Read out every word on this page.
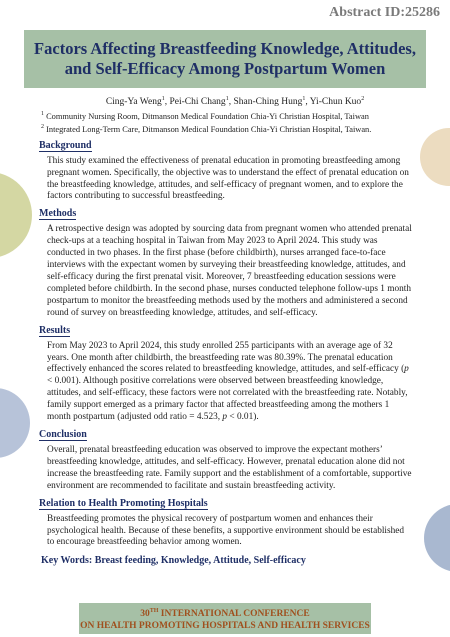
Abstract ID:25286
Factors Affecting Breastfeeding Knowledge, Attitudes, and Self-Efficacy Among Postpartum Women
Cing-Ya Weng$^1$, Pei-Chi Chang$^1$, Shan-Ching Hung$^1$, Yi-Chun Kuo$^2$
$^1$ Community Nursing Room, Ditmanson Medical Foundation Chia-Yi Christian Hospital, Taiwan
$^2$ Integrated Long-Term Care, Ditmanson Medical Foundation Chia-Yi Christian Hospital, Taiwan.
Background

This study examined the effectiveness of prenatal education in promoting breastfeeding among pregnant women. Specifically, the objective was to understand the effect of prenatal education on the breastfeeding knowledge, attitudes, and self-efficacy of pregnant women, and to explore the factors contributing to successful breastfeeding.

Methods

A retrospective design was adopted by sourcing data from pregnant women who attended prenatal check-ups at a teaching hospital in Taiwan from May 2023 to April 2024. This study was conducted in two phases. In the first phase (before childbirth), nurses arranged face-to-face interviews with the expectant women by surveying their breastfeeding knowledge, attitudes, and self-efficacy during the first prenatal visit. Moreover, 7 breastfeeding education sessions were completed before childbirth. In the second phase, nurses conducted telephone follow-ups 1 month postpartum to monitor the breastfeeding methods used by the mothers and administered a second round of survey on breastfeeding knowledge, attitudes, and self-efficacy.

Results

From May 2023 to April 2024, this study enrolled 255 participants with an average age of 32 years. One month after childbirth, the breastfeeding rate was 80.39%. The prenatal education effectively enhanced the scores related to breastfeeding knowledge, attitudes, and self-efficacy (p < 0.001). Although positive correlations were observed between breastfeeding knowledge, attitudes, and self-efficacy, these factors were not correlated with the breastfeeding rate. Notably, family support emerged as a primary factor that affected breastfeeding among the mothers 1 month postpartum (adjusted odd ratio = 4.523, p < 0.01).

Conclusion

Overall, prenatal breastfeeding education was observed to improve the expectant mothers’ breastfeeding knowledge, attitudes, and self-efficacy. However, prenatal education alone did not increase the breastfeeding rate. Family support and the establishment of a comfortable, supportive environment are recommended to facilitate and sustain breastfeeding activity.

Relation to Health Promoting Hospitals

Breastfeeding promotes the physical recovery of postpartum women and enhances their psychological health. Because of these benefits, a supportive environment should be established to encourage breastfeeding behavior among women.

Key Words: Breast feeding, Knowledge, Attitude, Self-efficacy
30TH INTERNATIONAL CONFERENCE
ON HEALTH PROMOTING HOSPITALS AND HEALTH SERVICES
